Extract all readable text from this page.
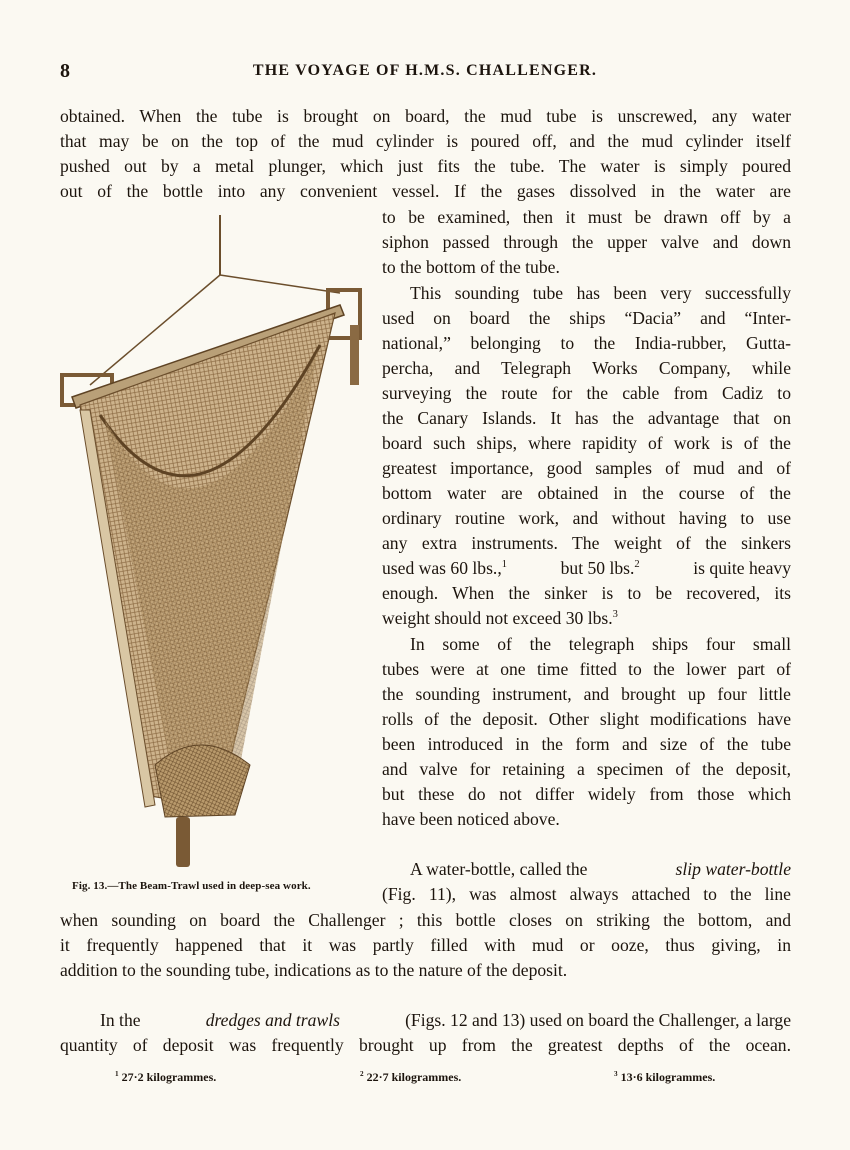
8	THE VOYAGE OF H.M.S. CHALLENGER.
obtained. When the tube is brought on board, the mud tube is unscrewed, any water
that may be on the top of the mud cylinder is poured off, and the mud cylinder itself
pushed out by a metal plunger, which just fits the tube. The water is simply poured
out of the bottle into any convenient vessel. If the gases dissolved in the water are
to be examined, then it must be drawn off by a
siphon passed through the upper valve and down
to the bottom of the tube.
This sounding tube has been very successfully
used on board the ships “Dacia” and “Inter-
national,” belonging to the India-rubber, Gutta-
percha, and Telegraph Works Company, while
surveying the route for the cable from Cadiz to
the Canary Islands. It has the advantage that on
board such ships, where rapidity of work is of the
greatest importance, good samples of mud and of
bottom water are obtained in the course of the
ordinary routine work, and without having to use
any extra instruments. The weight of the sinkers
used was 60 lbs.,$^1$	but 50 lbs.$^2$	is quite heavy
enough. When the sinker is to be recovered, its
weight should not exceed 30 lbs.$^3$
In some of the telegraph ships four small
tubes were at one time fitted to the lower part of
the sounding instrument, and brought up four little
rolls of the deposit. Other slight modifications have
been introduced in the form and size of the tube
and valve for retaining a specimen of the deposit,
but these do not differ widely from those which
have been noticed above.
A water-bottle, called the	slip water-bottle
(Fig. 11), was almost always attached to the line
Fig. 13.—The Beam-Trawl used in deep-sea work.
when sounding on board the Challenger ; this bottle closes on striking the bottom, and
it frequently happened that it was partly filled with mud or ooze, thus giving, in
addition to the sounding tube, indications as to the nature of the deposit.
In the	dredges and trawls	(Figs. 12 and 13) used on board the Challenger, a large
quantity of deposit was frequently brought up from the greatest depths of the ocean.
$^1$ 27·2 kilogrammes.	$^2$ 22·7 kilogrammes.	$^3$ 13·6 kilogrammes.
